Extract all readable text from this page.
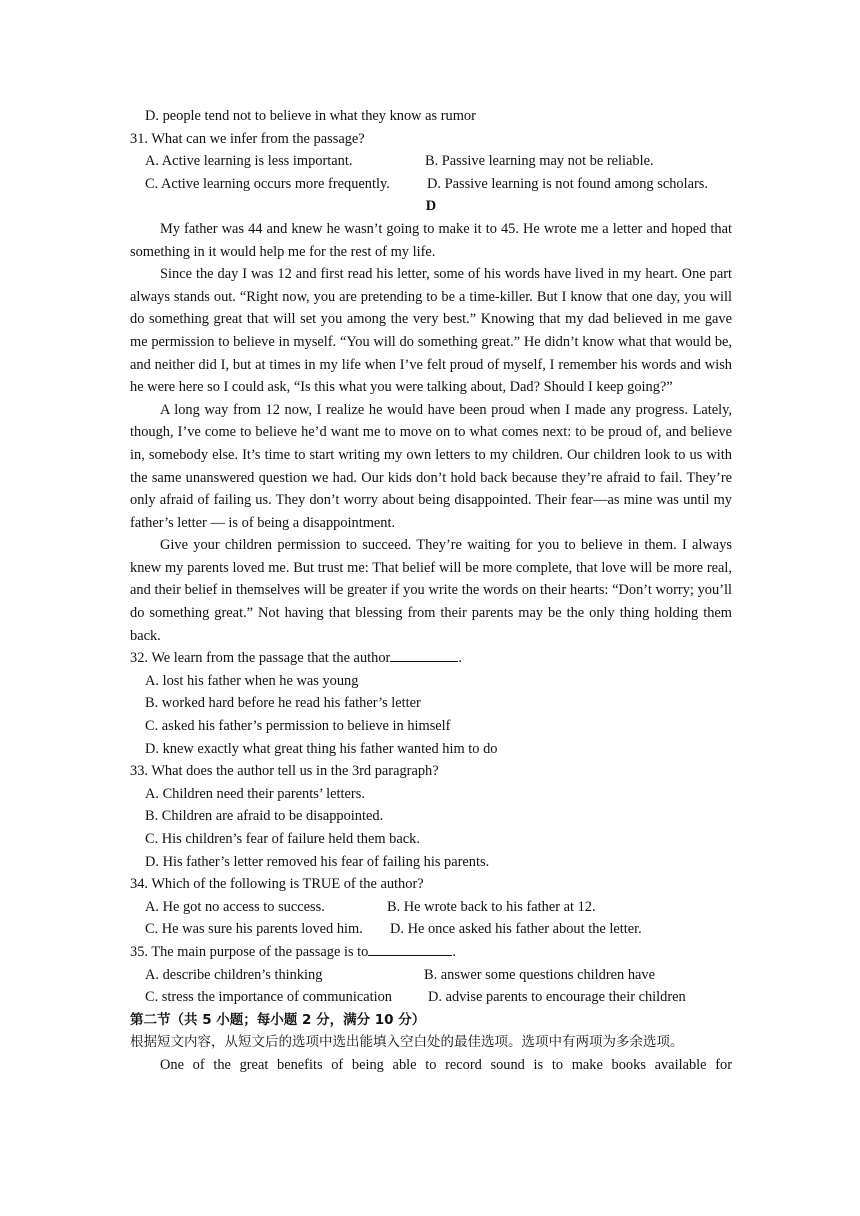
D. people tend not to believe in what they know as rumor
31. What can we infer from the passage?
A. Active learning is less important.	B. Passive learning may not be reliable.
C. Active learning occurs more frequently.	D. Passive learning is not found among scholars.
D

My father was 44 and knew he wasn’t going to make it to 45. He wrote me a letter and hoped that something in it would help me for the rest of my life.

Since the day I was 12 and first read his letter, some of his words have lived in my heart. One part always stands out. “Right now, you are pretending to be a time-killer. But I know that one day, you will do something great that will set you among the very best.” Knowing that my dad believed in me gave me permission to believe in myself. “You will do something great.” He didn’t know what that would be, and neither did I, but at times in my life when I’ve felt proud of myself, I remember his words and wish he were here so I could ask, “Is this what you were talking about, Dad? Should I keep going?”

A long way from 12 now, I realize he would have been proud when I made any progress. Lately, though, I’ve come to believe he’d want me to move on to what comes next: to be proud of, and believe in, somebody else. It’s time to start writing my own letters to my children. Our children look to us with the same unanswered question we had. Our kids don’t hold back because they’re afraid to fail. They’re only afraid of failing us. They don’t worry about being disappointed. Their fear—as mine was until my father’s letter — is of being a disappointment.

Give your children permission to succeed. They’re waiting for you to believe in them. I always knew my parents loved me. But trust me: That belief will be more complete, that love will be more real, and their belief in themselves will be greater if you write the words on their hearts: “Don’t worry; you’ll do something great.” Not having that blessing from their parents may be the only thing holding them back.

32. We learn from the passage that the author	.
A. lost his father when he was young
B. worked hard before he read his father’s letter
C. asked his father’s permission to believe in himself
D. knew exactly what great thing his father wanted him to do
33. What does the author tell us in the 3rd paragraph?
A. Children need their parents’ letters.
B. Children are afraid to be disappointed.
C. His children’s fear of failure held them back.
D. His father’s letter removed his fear of failing his parents.
34. Which of the following is TRUE of the author?
A. He got no access to success.	B. He wrote back to his father at 12.
C. He was sure his parents loved him.	D. He once asked his father about the letter.
35. The main purpose of the passage is to	.
A. describe children’s thinking	B. answer some questions children have
C. stress the importance of communication	D. advise parents to encourage their children
第二节（共 5 小题；每小题 2 分，满分 10 分）
根据短文内容，从短文后的选项中选出能填入空白处的最佳选项。选项中有两项为多余选项。
One of the great benefits of being able to record sound is to make books available for
